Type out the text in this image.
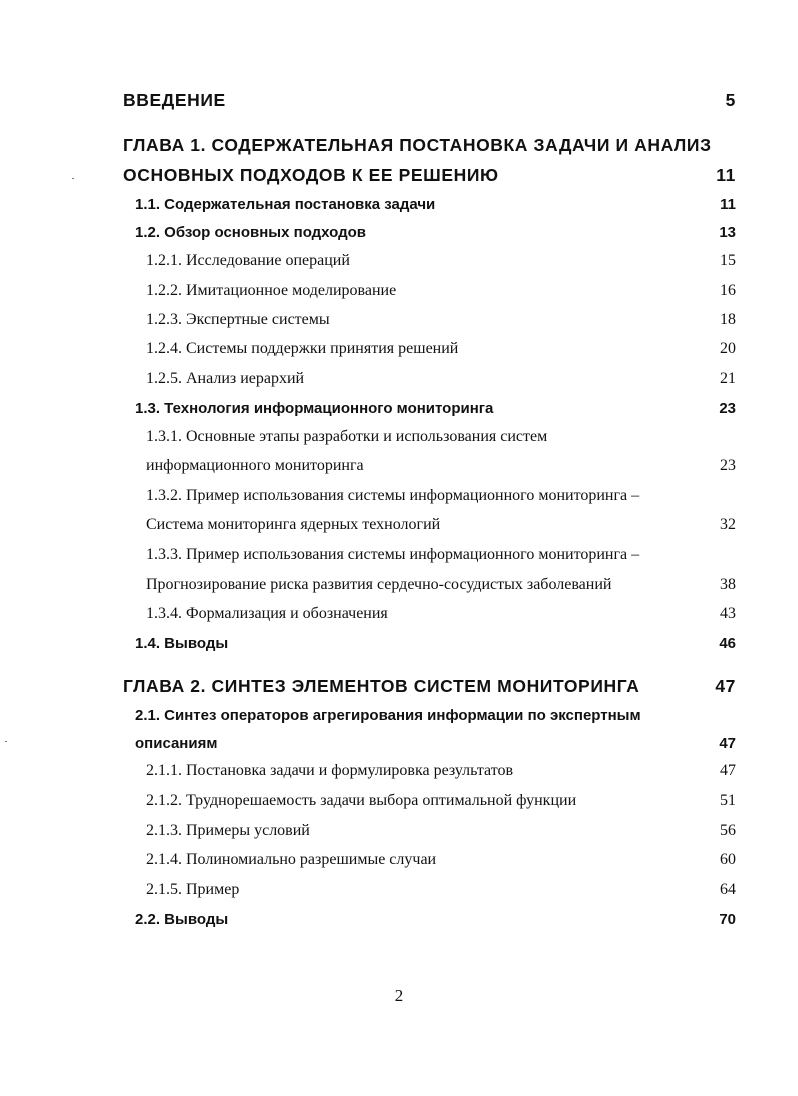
ВВЕДЕНИЕ	5
ГЛАВА 1. СОДЕРЖАТЕЛЬНАЯ ПОСТАНОВКА ЗАДАЧИ И АНАЛИЗ
ОСНОВНЫХ ПОДХОДОВ К ЕЕ РЕШЕНИЮ	11
1.1. Содержательная постановка задачи	11
1.2. Обзор основных подходов	13
1.2.1. Исследование операций	15
1.2.2. Имитационное моделирование	16
1.2.3. Экспертные системы	18
1.2.4. Системы поддержки принятия решений	20
1.2.5. Анализ иерархий	21
1.3. Технология информационного мониторинга	23
1.3.1. Основные этапы разработки и использования систем
информационного мониторинга	23
1.3.2. Пример использования системы информационного мониторинга –
Система мониторинга ядерных технологий	32
1.3.3. Пример использования системы информационного мониторинга –
Прогнозирование риска развития сердечно-сосудистых заболеваний	38
1.3.4. Формализация и обозначения	43
1.4. Выводы	46
ГЛАВА 2. СИНТЕЗ ЭЛЕМЕНТОВ СИСТЕМ МОНИТОРИНГА	47
2.1. Синтез операторов агрегирования информации по экспертным
описаниям	47
2.1.1. Постановка задачи и формулировка результатов	47
2.1.2. Труднорешаемость задачи выбора оптимальной функции	51
2.1.3. Примеры условий	56
2.1.4. Полиномиально разрешимые случаи	60
2.1.5. Пример	64
2.2. Выводы	70
2
